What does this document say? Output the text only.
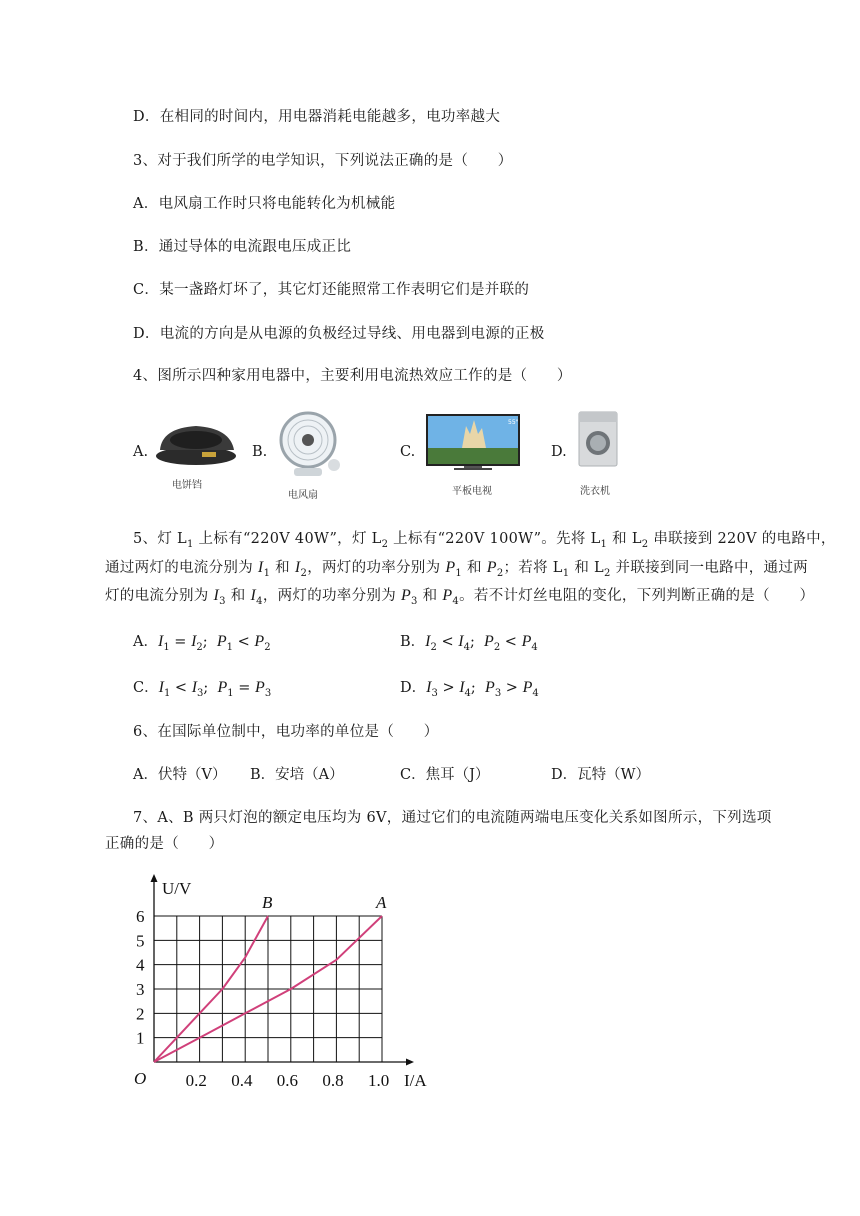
D．在相同的时间内，用电器消耗电能越多，电功率越大
3、对于我们所学的电学知识，下列说法正确的是（　　）
A．电风扇工作时只将电能转化为机械能
B．通过导体的电流跟电压成正比
C．某一盏路灯坏了，其它灯还能照常工作表明它们是并联的
D．电流的方向是从电源的负极经过导线、用电器到电源的正极
4、图所示四种家用电器中，主要利用电流热效应工作的是（　　）
A.
电饼铛
B.
电风扇
C.
55"
平板电视
D.
洗衣机
5、灯 $L_1$ 上标有“220V 40W”，灯 $L_2$ 上标有“220V 100W”。先将 $L_1$ 和 $L_2$ 串联接到 220V 的电路中，
通过两灯的电流分别为 $I_1$ 和 $I_2$，两灯的功率分别为 $P_1$ 和 $P_2$；若将 $L_1$ 和 $L_2$ 并联接到同一电路中，通过两
灯的电流分别为 $I_3$ 和 $I_4$，两灯的功率分别为 $P_3$ 和 $P_4$。若不计灯丝电阻的变化，下列判断正确的是（　　）
A．$I_1 = I_2$;  $P_1 < P_2$	B．$I_2 < I_4$;  $P_2 < P_4$
C．$I_1 < I_3$;  $P_1 = P_3$	D．$I_3 > I_4$;  $P_3 > P_4$
6、在国际单位制中，电功率的单位是（　　）
A．伏特（V） B．安培（A）	C．焦耳（J）	D．瓦特（W）
7、A、B 两只灯泡的额定电压均为 6V，通过它们的电流随两端电压变化关系如图所示，下列选项
正确的是（　　）
1
2
3
4
5
6
0.2 0.4 0.6 0.8 1.0
O
U/V
I/A
B	A
